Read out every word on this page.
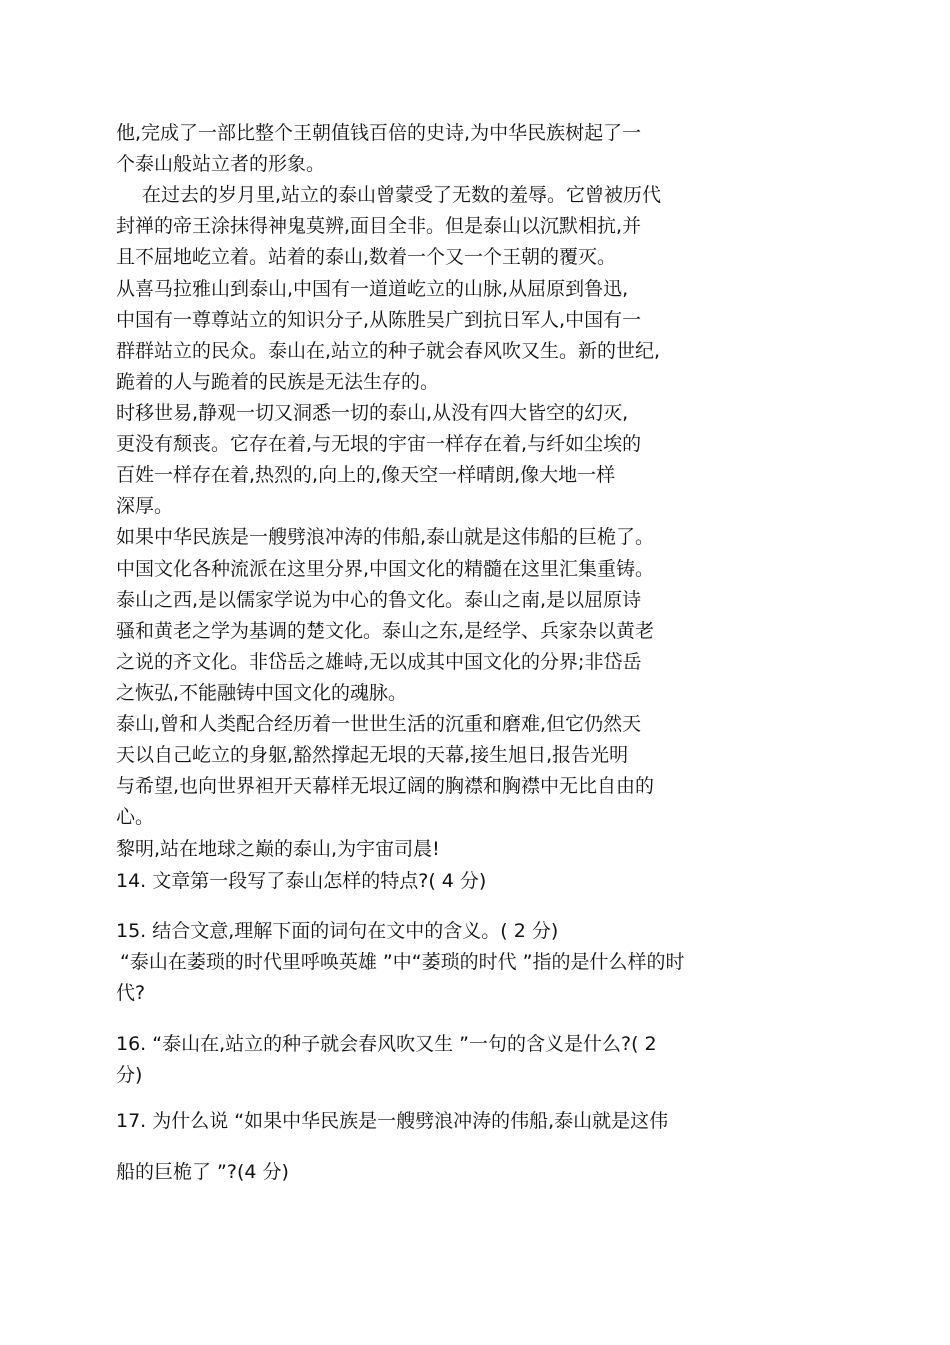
他,完成了一部比整个王朝值钱百倍的史诗,为中华民族树起了一
个泰山般站立者的形象。
在过去的岁月里,站立的泰山曾蒙受了无数的羞辱。它曾被历代
封禅的帝王涂抹得神鬼莫辨,面目全非。但是泰山以沉默相抗,并
且不屈地屹立着。站着的泰山,数着一个又一个王朝的覆灭。
从喜马拉雅山到泰山,中国有一道道屹立的山脉,从屈原到鲁迅,
中国有一尊尊站立的知识分子,从陈胜吴广到抗日军人,中国有一
群群站立的民众。泰山在,站立的种子就会春风吹又生。新的世纪,
跪着的人与跪着的民族是无法生存的。
时移世易,静观一切又洞悉一切的泰山,从没有四大皆空的幻灭,
更没有颓丧。它存在着,与无垠的宇宙一样存在着,与纤如尘埃的
百姓一样存在着,热烈的,向上的,像天空一样晴朗,像大地一样
深厚。
如果中华民族是一艘劈浪冲涛的伟船,泰山就是这伟船的巨桅了。
中国文化各种流派在这里分界,中国文化的精髓在这里汇集重铸。
泰山之西,是以儒家学说为中心的鲁文化。泰山之南,是以屈原诗
骚和黄老之学为基调的楚文化。泰山之东,是经学、兵家杂以黄老
之说的齐文化。非岱岳之雄峙,无以成其中国文化的分界;非岱岳
之恢弘,不能融铸中国文化的魂脉。
泰山,曾和人类配合经历着一世世生活的沉重和磨难,但它仍然天
天以自己屹立的身躯,豁然撑起无垠的天幕,接生旭日,报告光明
与希望,也向世界袒开天幕样无垠辽阔的胸襟和胸襟中无比自由的
心。
黎明,站在地球之巅的泰山,为宇宙司晨!
14. 文章第一段写了泰山怎样的特点?( 4 分)
15. 结合文意,理解下面的词句在文中的含义。( 2 分)
“泰山在萎琐的时代里呼唤英雄 ”中“萎琐的时代 ”指的是什么样的时
代?
16. “泰山在,站立的种子就会春风吹又生 ”一句的含义是什么?( 2
分)
17. 为什么说 “如果中华民族是一艘劈浪冲涛的伟船,泰山就是这伟
船的巨桅了 ”?(4 分)
